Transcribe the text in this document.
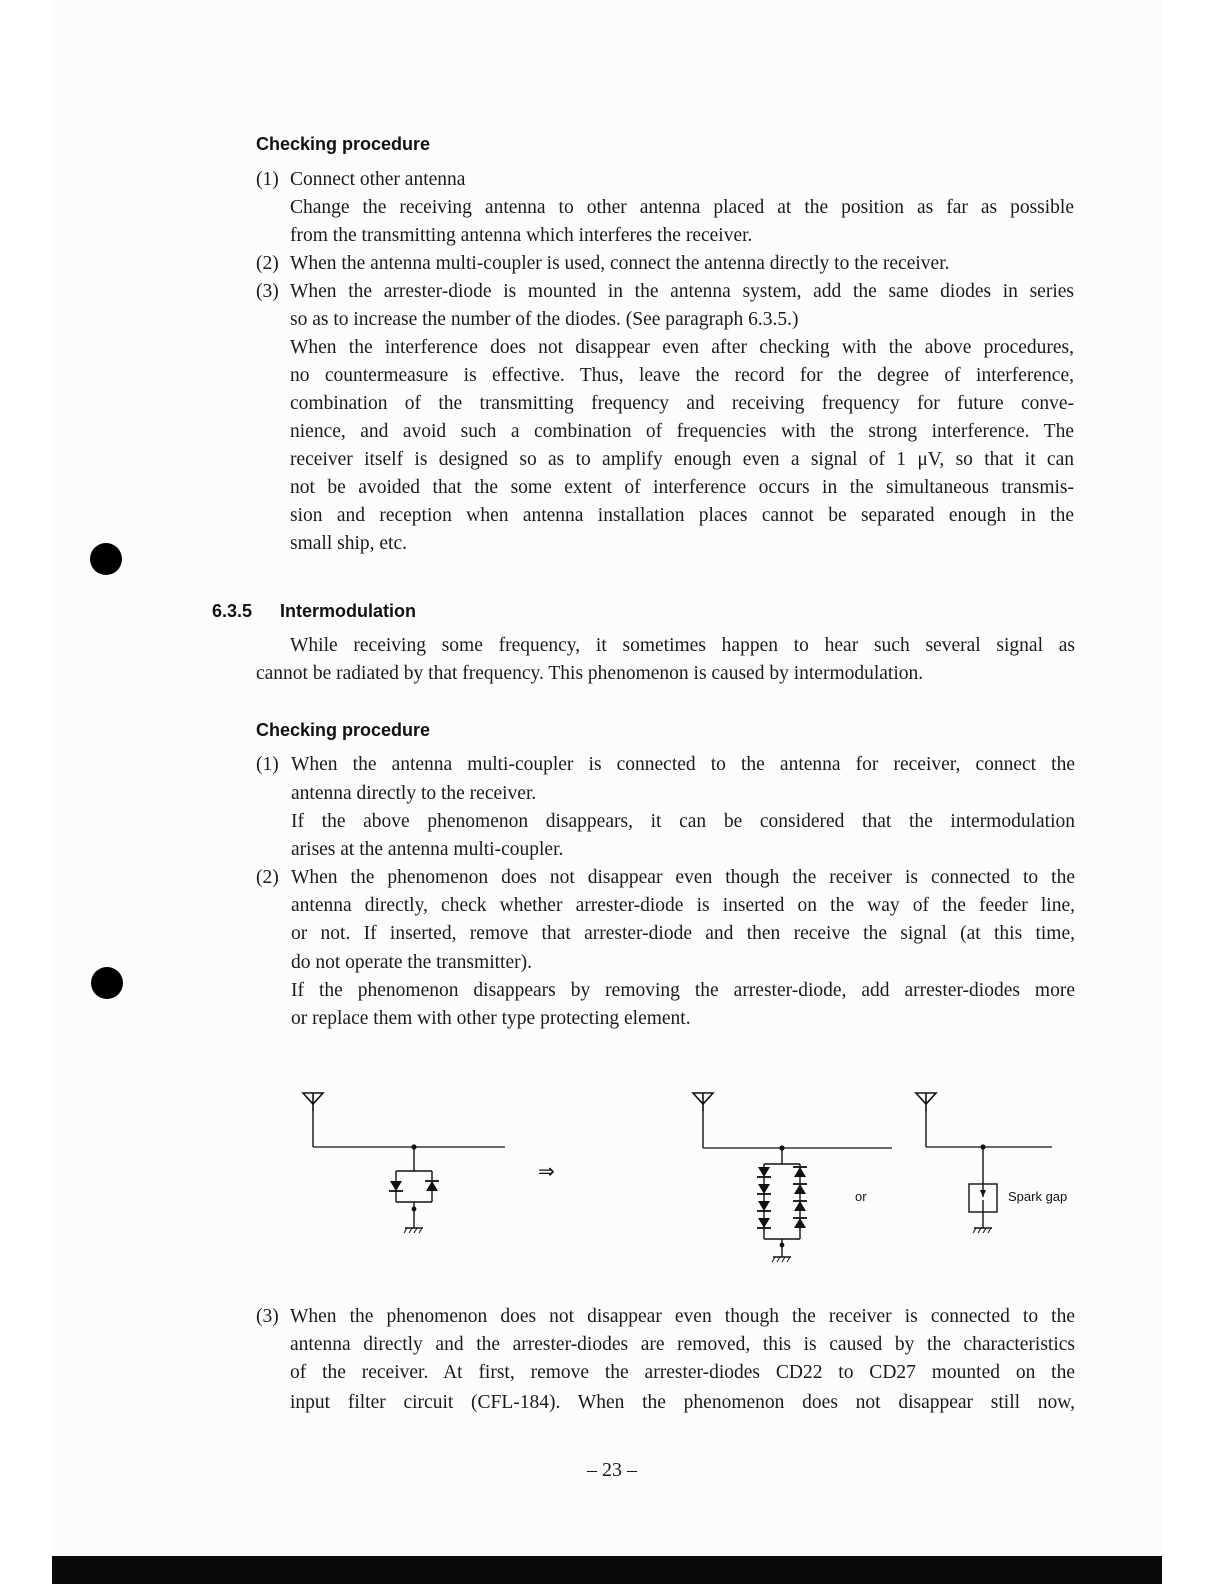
Checking procedure
(1) Connect other antenna
Change the receiving antenna to other antenna placed at the position as far as possible
from the transmitting antenna which interferes the receiver.
(2) When the antenna multi-coupler is used, connect the antenna directly to the receiver.
(3) When the arrester-diode is mounted in the antenna system, add the same diodes in series
so as to increase the number of the diodes. (See paragraph 6.3.5.)
When the interference does not disappear even after checking with the above procedures,
no countermeasure is effective. Thus, leave the record for the degree of interference,
combination of the transmitting frequency and receiving frequency for future conve-
nience, and avoid such a combination of frequencies with the strong interference. The
receiver itself is designed so as to amplify enough even a signal of 1 μV, so that it can
not be avoided that the some extent of interference occurs in the simultaneous transmis-
sion and reception when antenna installation places cannot be separated enough in the
small ship, etc.
6.3.5 Intermodulation
While receiving some frequency, it sometimes happen to hear such several signal as
cannot be radiated by that frequency. This phenomenon is caused by intermodulation.
Checking procedure
(1) When the antenna multi-coupler is connected to the antenna for receiver, connect the
antenna directly to the receiver.
If the above phenomenon disappears, it can be considered that the intermodulation
arises at the antenna multi-coupler.
(2) When the phenomenon does not disappear even though the receiver is connected to the
antenna directly, check whether arrester-diode is inserted on the way of the feeder line,
or not. If inserted, remove that arrester-diode and then receive the signal (at this time,
do not operate the transmitter).
If the phenomenon disappears by removing the arrester-diode, add arrester-diodes more
or replace them with other type protecting element.
⇒
or	Spark gap
(3) When the phenomenon does not disappear even though the receiver is connected to the
antenna directly and the arrester-diodes are removed, this is caused by the characteristics
of the receiver. At first, remove the arrester-diodes CD22 to CD27 mounted on the
input filter circuit (CFL-184). When the phenomenon does not disappear still now,
– 23 –
